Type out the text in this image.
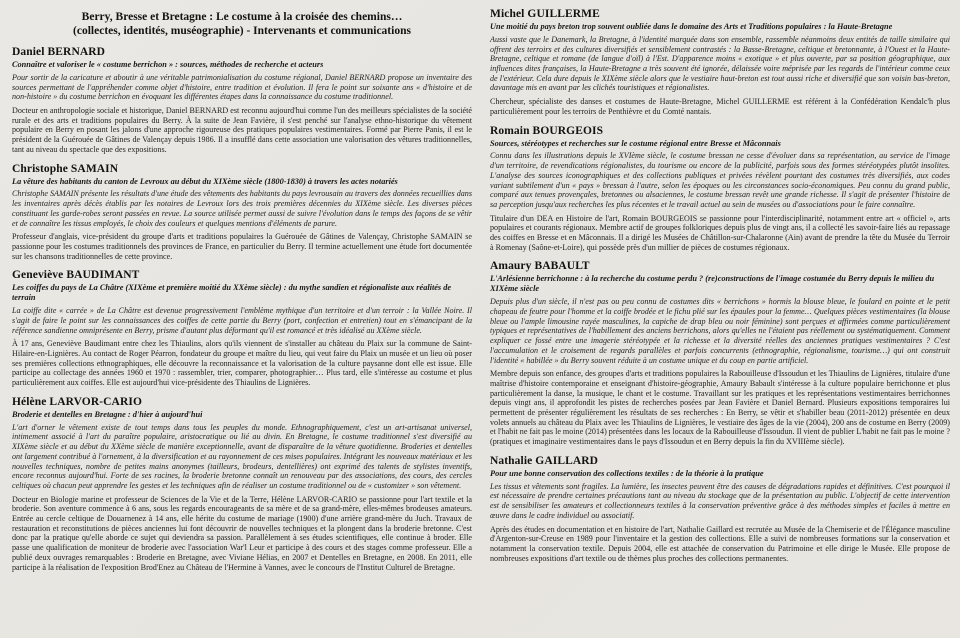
Berry, Bresse et Bretagne : Le costume à la croisée des chemins…
(collectes, identités, muséographie) - Intervenants et communications
Daniel BERNARD
Connaître et valoriser le « costume berrichon » : sources, méthodes de recherche et acteurs

Pour sortir de la caricature et aboutir à une véritable patrimonialisation du costume régional, Daniel BERNARD propose un inventaire des sources permettant de l'appréhender comme objet d'histoire, entre tradition et évolution. Il fera le point sur soixante ans « d'histoire et de non-histoire » du costume berrichon en évoquant les différentes étapes dans la connaissance du costume traditionnel.

Docteur en anthropologie sociale et historique, Daniel BERNARD est reconnu aujourd'hui comme l'un des meilleurs spécialistes de la société rurale et des arts et traditions populaires du Berry. À la suite de Jean Favière, il s'est penché sur l'analyse ethno-historique du vêtement populaire en Berry en posant les jalons d'une approche rigoureuse des pratiques populaires vestimentaires. Formé par Pierre Panis, il est le président de la Guérouée de Gâtines de Valençay depuis 1986. Il a insufflé dans cette association une valorisation des vêtures traditionnelles, tant au niveau du spectacle que des expositions.

Christophe SAMAIN
La vêture des habitants du canton de Levroux au début du XIXème siècle (1800-1830) à travers les actes notariés

Christophe SAMAIN présente les résultats d'une étude des vêtements des habitants du pays levrousain au travers des données recueillies dans les inventaires après décès établis par les notaires de Levroux lors des trois premières décennies du XIXème siècle. Les diverses pièces constituant les garde-robes seront passées en revue. La source utilisée permet aussi de suivre l'évolution dans le temps des façons de se vêtir et de connaître les tissus employés, le choix des couleurs et quelques mentions d'éléments de parure.

Professeur d'anglais, vice-président du groupe d'arts et traditions populaires la Guérouée de Gâtines de Valençay, Christophe SAMAIN se passionne pour les costumes traditionnels des provinces de France, en particulier du Berry. Il termine actuellement une étude fort documentée sur les chansons traditionnelles de cette province.

Geneviève BAUDIMANT
Les coiffes du pays de La Châtre (XIXème et première moitié du XXème siècle) : du mythe sandien et régionaliste aux réalités de terrain

La coiffe dite « carrée » de La Châtre est devenue progressivement l'emblème mythique d'un territoire et d'un terroir : la Vallée Noire. Il s'agit de faire le point sur les connaissances des coiffes de cette partie du Berry (port, confection et entretien) tout en s'émancipant de la référence sandienne omniprésente en Berry, prisme d'autant plus déformant qu'il est romancé et très idéalisé au XXème siècle.

À 17 ans, Geneviève Baudimant entre chez les Thiaulins, alors qu'ils viennent de s'installer au château du Plaix sur la commune de Saint-Hilaire-en-Lignières. Au contact de Roger Péarron, fondateur du groupe et maître du lieu, qui veut faire du Plaix un musée et un lieu où poser ses premières collections ethnographiques, elle découvre la reconnaissance et la valorisation de la culture paysanne dont elle est issue. Elle participe au collectage des années 1960 et 1970 : rassembler, trier, comparer, photographier… Plus tard, elle s'intéresse au costume et plus particulièrement aux coiffes. Elle est aujourd'hui vice-présidente des Thiaulins de Lignières.

Hélène LARVOR-CARIO
Broderie et dentelles en Bretagne : d'hier à aujourd'hui

L'art d'orner le vêtement existe de tout temps dans tous les peuples du monde. Ethnographiquement, c'est un art-artisanat universel, intimement associé à l'art du paraître populaire, aristocratique ou lié au divin. En Bretagne, le costume traditionnel s'est diversifié au XIXème siècle et au début du XXème siècle de manière exceptionnelle, avant de disparaître de la vêture quotidienne. Broderies et dentelles ont largement contribué à l'ornement, à la diversification et au rayonnement de ces mises populaires. Intégrant les nouveaux matériaux et les nouvelles techniques, nombre de petites mains anonymes (tailleurs, brodeurs, dentellières) ont exprimé des talents de stylistes inventifs, encore reconnus aujourd'hui. Forte de ses racines, la broderie bretonne connaît un renouveau par des associations, des cours, des cercles celtiques où chacun peut apprendre les gestes et les techniques afin de réaliser un costume traditionnel ou de « customizer » son vêtement.

Docteur en Biologie marine et professeur de Sciences de la Vie et de la Terre, Hélène LARVOR-CARIO se passionne pour l'art textile et la broderie. Son aventure commence à 6 ans, sous les regards encourageants de sa mère et de sa grand-mère, elles-mêmes brodeuses amateurs. Entrée au cercle celtique de Douarnenez à 14 ans, elle hérite du costume de mariage (1900) d'une arrière grand-mère du Juch. Travaux de restauration et reconstitutions de pièces anciennes lui font découvrir de nouvelles techniques et la plongent dans la broderie bretonne. C'est donc par la pratique qu'elle aborde ce sujet qui deviendra sa passion. Parallèlement à ses études scientifiques, elle continue à broder. Elle passe une qualification de moniteur de broderie avec l'association War'l Leur et participe à des cours et des stages comme professeur. Elle a publié deux ouvrages remarquables : Broderie en Bretagne, avec Viviane Hélias, en 2007 et Dentelles en Bretagne, en 2008. En 2011, elle participe à la réalisation de l'exposition Brod'Enez au Château de l'Hermine à Vannes, avec le concours de l'Institut Culturel de Bretagne.

Michel GUILLERME
Une moitié du pays breton trop souvent oubliée dans le domaine des Arts et Traditions populaires : la Haute-Bretagne

Aussi vaste que le Danemark, la Bretagne, à l'identité marquée dans son ensemble, rassemble néanmoins deux entités de taille similaire qui offrent des terroirs et des cultures diversifiés et sensiblement contrastés : la Basse-Bretagne, celtique et bretonnante, à l'Ouest et la Haute-Bretagne, celtique et romane (de langue d'oïl) à l'Est. D'apparence moins « exotique » et plus ouverte, par sa position géographique, aux influences dites françaises, la Haute-Bretagne a très souvent été ignorée, délaissée voire méprisée par les regards de l'intérieur comme ceux de l'extérieur. Cela dure depuis le XIXème siècle alors que le vestiaire haut-breton est tout aussi riche et diversifié que son voisin bas-breton, davantage mis en avant par les clichés touristiques et régionalistes.

Chercheur, spécialiste des danses et costumes de Haute-Bretagne, Michel GUILLERME est référent à la Confédération Kendalc'h plus particulièrement pour les terroirs de Penthièvre et du Comté nantais.

Romain BOURGEOIS
Sources, stéréotypes et recherches sur le costume régional entre Bresse et Mâconnais

Connu dans les illustrations depuis le XVIème siècle, le costume bressan ne cesse d'évoluer dans sa représentation, au service de l'image d'un territoire, de revendications régionalistes, du tourisme ou encore de la publicité, parfois sous des formes stéréotypées plutôt insolites. L'analyse des sources iconographiques et des collections publiques et privées révèlent pourtant des costumes très diversifiés, aux codes variant subtilement d'un « pays » bressan à l'autre, selon les époques ou les circonstances socio-économiques. Peu connu du grand public, comparé aux tenues provençales, bretonnes ou alsaciennes, le costume bressan revêt une grande richesse. Il s'agit de présenter l'histoire de sa perception jusqu'aux recherches les plus récentes et le travail actuel au sein de musées ou d'associations pour le faire connaître.

Titulaire d'un DEA en Histoire de l'art, Romain BOURGEOIS se passionne pour l'interdisciplinarité, notamment entre art « officiel », arts populaires et courants régionaux. Membre actif de groupes folkloriques depuis plus de vingt ans, il a collecté les savoir-faire liés au repassage des coiffes en Bresse et en Mâconnais. Il a dirigé les Musées de Châtillon-sur-Chalaronne (Ain) avant de prendre la tête du Musée du Terroir à Romenay (Saône-et-Loire), qui possède près d'un millier de pièces de costumes régionaux.

Amaury BABAULT
L'Arlésienne berrichonne : à la recherche du costume perdu ? (re)constructions de l'image costumée du Berry depuis le milieu du XIXème siècle

Depuis plus d'un siècle, il n'est pas ou peu connu de costumes dits « berrichons » hormis la blouse bleue, le foulard en pointe et le petit chapeau de feutre pour l'homme et la coiffe brodée et le fichu plié sur les épaules pour la femme… Quelques pièces vestimentaires (la blouse bleue ou l'ample limousine rayée masculines, la capiche de drap bleu ou noir féminine) sont perçues et affirmées comme particulièrement typiques et représentatives de l'habillement des anciens berrichons, alors qu'elles ne l'étaient pas réellement ou systématiquement. Comment expliquer ce fossé entre une imagerie stéréotypée et la richesse et la diversité réelles des anciennes pratiques vestimentaires ? C'est l'accumulation et le croisement de regards parallèles et parfois concurrents (ethnographie, régionalisme, tourisme…) qui ont construit l'identité « habillée » du Berry souvent réduite à un costume unique et du coup en partie artificiel.

Membre depuis son enfance, des groupes d'arts et traditions populaires la Rabouilleuse d'Issoudun et les Thiaulins de Lignières, titulaire d'une maîtrise d'histoire contemporaine et enseignant d'histoire-géographie, Amaury Babault s'intéresse à la culture populaire berrichonne et plus particulièrement la danse, la musique, le chant et le costume. Travaillant sur les pratiques et les représentations vestimentaires berrichonnes depuis vingt ans, il approfondit les pistes de recherches posées par Jean Favière et Daniel Bernard. Plusieurs expositions temporaires lui permettent de présenter régulièrement les résultats de ses recherches : En Berry, se vêtir et s'habiller beau (2011-2012) présentée en deux volets annuels au château du Plaix avec les Thiaulins de Lignières, le vestiaire des âges de la vie (2004), 200 ans de costume en Berry (2009) et l'habit ne fait pas le moine (2014) présentées dans les locaux de la Rabouilleuse d'Issoudun. Il vient de publier L'habit ne fait pas le moine ? (pratiques et imaginaire vestimentaires dans le pays d'Issoudun et en Berry depuis la fin du XVIIIème siècle).

Nathalie GAILLARD
Pour une bonne conservation des collections textiles : de la théorie à la pratique

Les tissus et vêtements sont fragiles. La lumière, les insectes peuvent être des causes de dégradations rapides et définitives. C'est pourquoi il est nécessaire de prendre certaines précautions tant au niveau du stockage que de la présentation au public. L'objectif de cette intervention est de sensibiliser les amateurs et collectionneurs textiles à la conservation préventive grâce à des méthodes simples et faciles à mettre en œuvre dans le cadre individuel ou associatif.

Après des études en documentation et en histoire de l'art, Nathalie Gaillard est recrutée au Musée de la Chemiserie et de l'Élégance masculine d'Argenton-sur-Creuse en 1989 pour l'inventaire et la gestion des collections. Elle a suivi de nombreuses formations sur la conservation et notamment la conservation textile. Depuis 2004, elle est attachée de conservation du Patrimoine et elle dirige le Musée. Elle propose de nombreuses expositions d'art textile ou de thèmes plus proches des collections permanentes.
